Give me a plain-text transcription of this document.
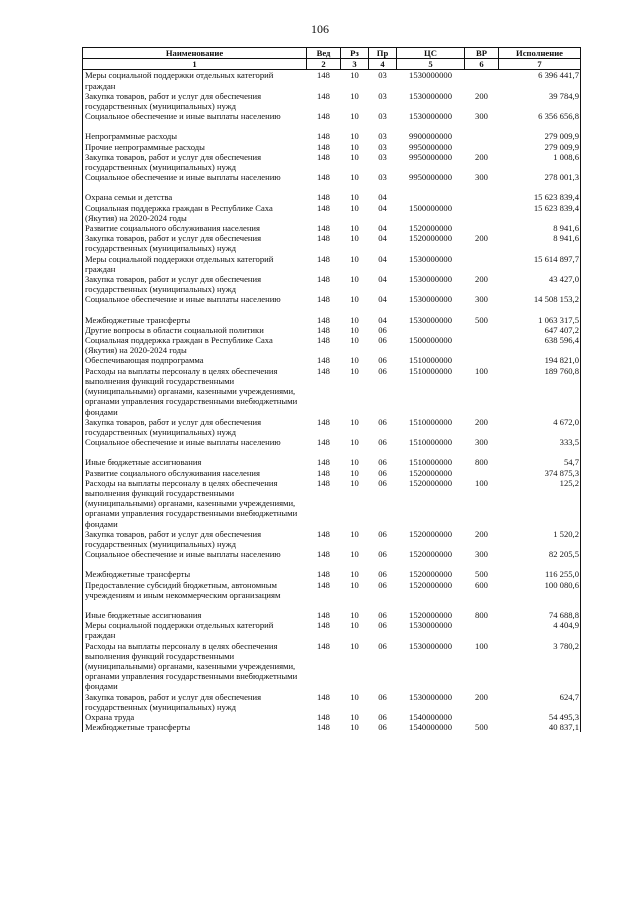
106
Наименование	Вед	Рз	Пр	ЦС	ВР	Исполнение
1	2	3	4	5	6	7
Меры социальной поддержки отдельных категорий граждан	148	10	03	1530000000		6 396 441,7
Закупка товаров, работ и услуг для обеспечения государственных (муниципальных) нужд	148	10	03	1530000000	200	39 784,9
Социальное обеспечение и иные выплаты населению	148	10	03	1530000000	300	6 356 656,8

Непрограммные расходы	148	10	03	9900000000		279 009,9
Прочие непрограммные расходы	148	10	03	9950000000		279 009,9
Закупка товаров, работ и услуг для обеспечения государственных (муниципальных) нужд	148	10	03	9950000000	200	1 008,6
Социальное обеспечение и иные выплаты населению	148	10	03	9950000000	300	278 001,3

Охрана семьи и детства	148	10	04			15 623 839,4
Социальная поддержка граждан в Республике Саха (Якутия) на 2020-2024 годы	148	10	04	1500000000		15 623 839,4
Развитие социального обслуживания населения	148	10	04	1520000000		8 941,6
Закупка товаров, работ и услуг для обеспечения государственных (муниципальных) нужд	148	10	04	1520000000	200	8 941,6
Меры социальной поддержки отдельных категорий граждан	148	10	04	1530000000		15 614 897,7
Закупка товаров, работ и услуг для обеспечения государственных (муниципальных) нужд	148	10	04	1530000000	200	43 427,0
Социальное обеспечение и иные выплаты населению	148	10	04	1530000000	300	14 508 153,2

Межбюджетные трансферты	148	10	04	1530000000	500	1 063 317,5
Другие вопросы в области социальной политики	148	10	06			647 407,2
Социальная поддержка граждан в Республике Саха (Якутия) на 2020-2024 годы	148	10	06	1500000000		638 596,4
Обеспечивающая подпрограмма	148	10	06	1510000000		194 821,0
Расходы на выплаты персоналу в целях обеспечения выполнения функций государственными (муниципальными) органами, казенными учреждениями, органами управления государственными внебюджетными фондами	148	10	06	1510000000	100	189 760,8
Закупка товаров, работ и услуг для обеспечения государственных (муниципальных) нужд	148	10	06	1510000000	200	4 672,0
Социальное обеспечение и иные выплаты населению	148	10	06	1510000000	300	333,5

Иные бюджетные ассигнования	148	10	06	1510000000	800	54,7
Развитие социального обслуживания населения	148	10	06	1520000000		374 875,3
Расходы на выплаты персоналу в целях обеспечения выполнения функций государственными (муниципальными) органами, казенными учреждениями, органами управления государственными внебюджетными фондами	148	10	06	1520000000	100	125,2
Закупка товаров, работ и услуг для обеспечения государственных (муниципальных) нужд	148	10	06	1520000000	200	1 520,2
Социальное обеспечение и иные выплаты населению	148	10	06	1520000000	300	82 205,5

Межбюджетные трансферты	148	10	06	1520000000	500	116 255,0
Предоставление субсидий бюджетным, автономным учреждениям и иным некоммерческим организациям	148	10	06	1520000000	600	100 080,6

Иные бюджетные ассигнования	148	10	06	1520000000	800	74 688,8
Меры социальной поддержки отдельных категорий граждан	148	10	06	1530000000		4 404,9
Расходы на выплаты персоналу в целях обеспечения выполнения функций государственными (муниципальными) органами, казенными учреждениями, органами управления государственными внебюджетными фондами	148	10	06	1530000000	100	3 780,2
Закупка товаров, работ и услуг для обеспечения государственных (муниципальных) нужд	148	10	06	1530000000	200	624,7
Охрана труда	148	10	06	1540000000		54 495,3
Межбюджетные трансферты	148	10	06	1540000000	500	40 837,1
